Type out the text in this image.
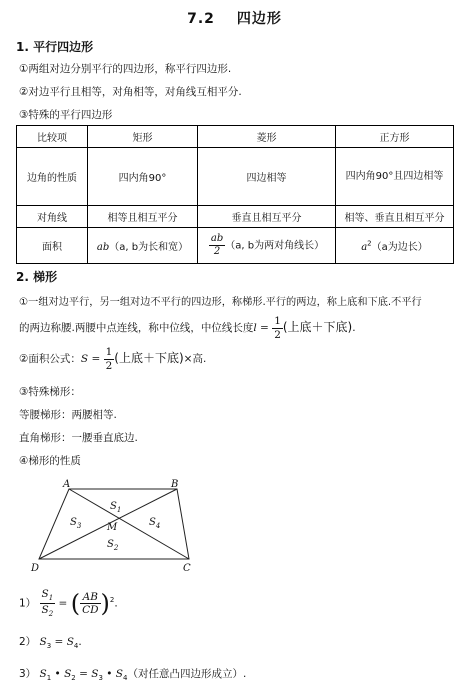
7.2 四边形
1. 平行四边形
①两组对边分别平行的四边形，称平行四边形.
②对边平行且相等，对角相等，对角线互相平分.
③特殊的平行四边形
比较项	矩形	菱形	正方形
边角的性质	四内角90°	四边相等	四内角90°且四边相等
对角线	相等且相互平分	垂直且相互平分	相等、垂直且相互平分
面积	ab（a, b为长和宽）	$\frac{ab}{2} (a$, b为两对角线长）	$a^2(a$为边长）
2. 梯形
①一组对边平行，另一组对边不平行的四边形，称梯形.平行的两边，称上底和下底.不平行
的两边称腰.两腰中点连线，称中位线，中位线长度$l = \frac{1}{2}$ (上底＋下底).
②面积公式：$S = \frac{1}{2}$ (上底＋下底)×高.
③特殊梯形：
等腰梯形：两腰相等.
直角梯形：一腰垂直底边.
④梯形的性质
A	B
C
D
M
$S_1$
$S_3$	$S_4$
$S_2$
$1) \frac{S_1}{S_2}$ = ( $\frac{AB}{CD} )^2$.
2） $S_3 = S_4$.
3） $S_1$ • $S_2 = S_3$ • $S_4$（对任意凸四边形成立）.
